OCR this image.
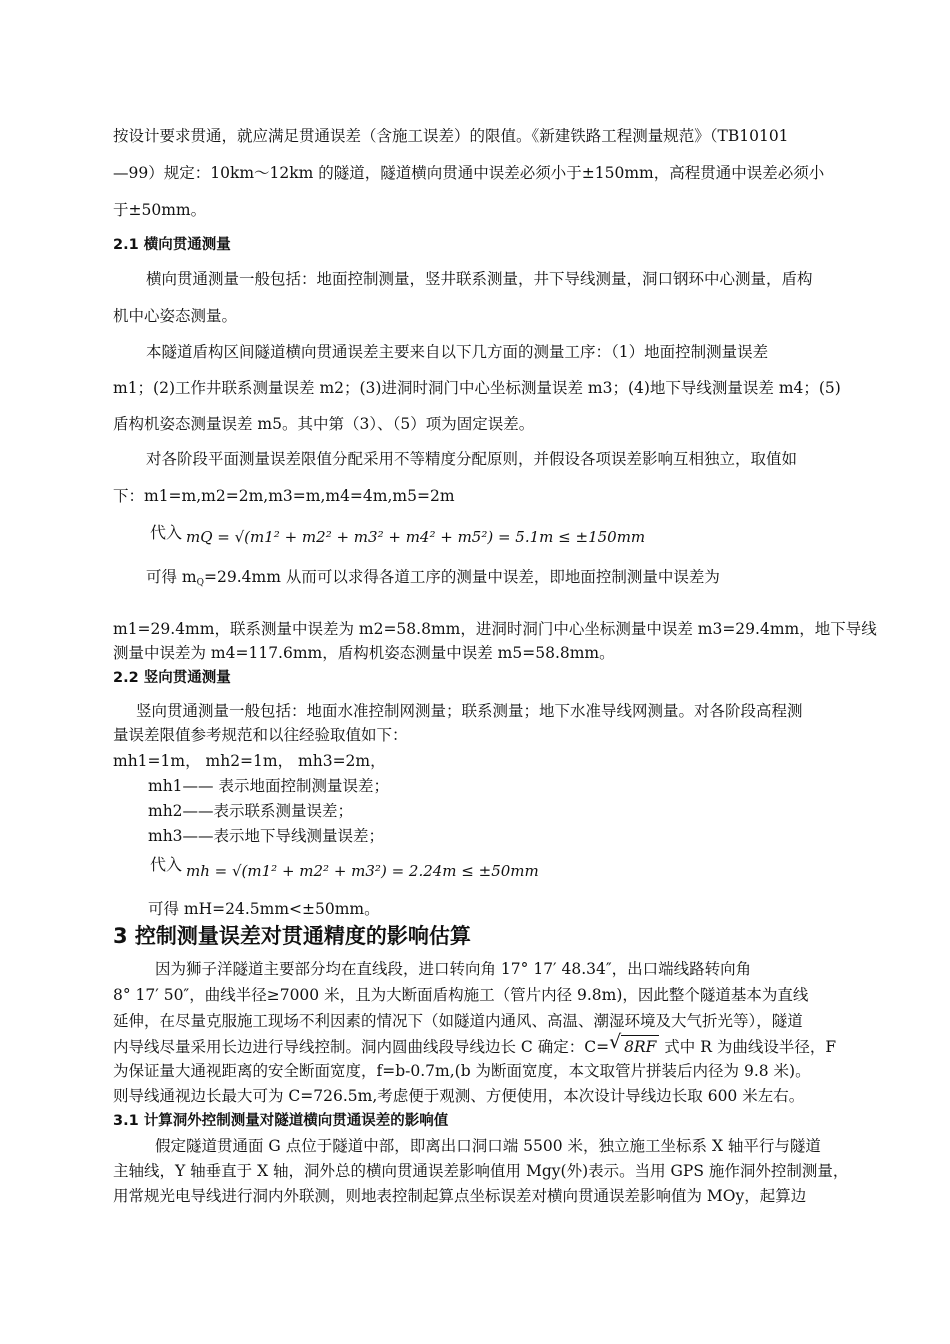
按设计要求贯通，就应满足贯通误差（含施工误差）的限值。《新建铁路工程测量规范》（TB10101
—99）规定：10km～12km 的隧道，隧道横向贯通中误差必须小于±150mm，高程贯通中误差必须小
于±50mm。
2.1 横向贯通测量
横向贯通测量一般包括：地面控制测量，竖井联系测量，井下导线测量，洞口钢环中心测量，盾构
机中心姿态测量。
本隧道盾构区间隧道横向贯通误差主要来自以下几方面的测量工序：（1）地面控制测量误差
m1；(2)工作井联系测量误差 m2；(3)进洞时洞门中心坐标测量误差 m3；(4)地下导线测量误差 m4；(5)
盾构机姿态测量误差 m5。其中第（3）、（5）项为固定误差。
对各阶段平面测量误差限值分配采用不等精度分配原则，并假设各项误差影响互相独立，取值如
下：m1=m,m2=2m,m3=m,m4=4m,m5=2m
代入 mQ = √(m1² + m2² + m3² + m4² + m5²) = 5.1m ≤ ±150mm
可得 $m_Q=29.4mm$ 从而可以求得各道工序的测量中误差，即地面控制测量中误差为
m1=29.4mm，联系测量中误差为 m2=58.8mm，进洞时洞门中心坐标测量中误差 m3=29.4mm，地下导线
测量中误差为 m4=117.6mm，盾构机姿态测量中误差 m5=58.8mm。
2.2 竖向贯通测量
竖向贯通测量一般包括：地面水准控制网测量；联系测量；地下水准导线网测量。对各阶段高程测
量误差限值参考规范和以往经验取值如下：
mh1=1m， mh2=1m， mh3=2m，
mh1—— 表示地面控制测量误差；
mh2——表示联系测量误差；
mh3——表示地下导线测量误差；
代入 mh = √(m1² + m2² + m3²) = 2.24m ≤ ±50mm
可得 mH=24.5mm<±50mm。
3 控制测量误差对贯通精度的影响估算
因为狮子洋隧道主要部分均在直线段，进口转向角 17° 17′ 48.34″，出口端线路转向角
8° 17′ 50″，曲线半径≥7000 米，且为大断面盾构施工（管片内径 9.8m)，因此整个隧道基本为直线
延伸，在尽量克服施工现场不利因素的情况下（如隧道内通风、高温、潮湿环境及大气折光等），隧道
内导线尽量采用长边进行导线控制。洞内圆曲线段导线边长 C 确定：C= √ 8RF 式中 R 为曲线设半径，F
为保证量大通视距离的安全断面宽度，f=b-0.7m,(b 为断面宽度，本文取管片拼装后内径为 9.8 米)。
则导线通视边长最大可为 C=726.5m,考虑便于观测、方便使用，本次设计导线边长取 600 米左右。
3.1 计算洞外控制测量对隧道横向贯通误差的影响值
假定隧道贯通面 G 点位于隧道中部，即离出口洞口端 5500 米，独立施工坐标系 X 轴平行与隧道
主轴线，Y 轴垂直于 X 轴，洞外总的横向贯通误差影响值用 Mgy(外)表示。当用 GPS 施作洞外控制测量，
用常规光电导线进行洞内外联测，则地表控制起算点坐标误差对横向贯通误差影响值为 MOy，起算边
